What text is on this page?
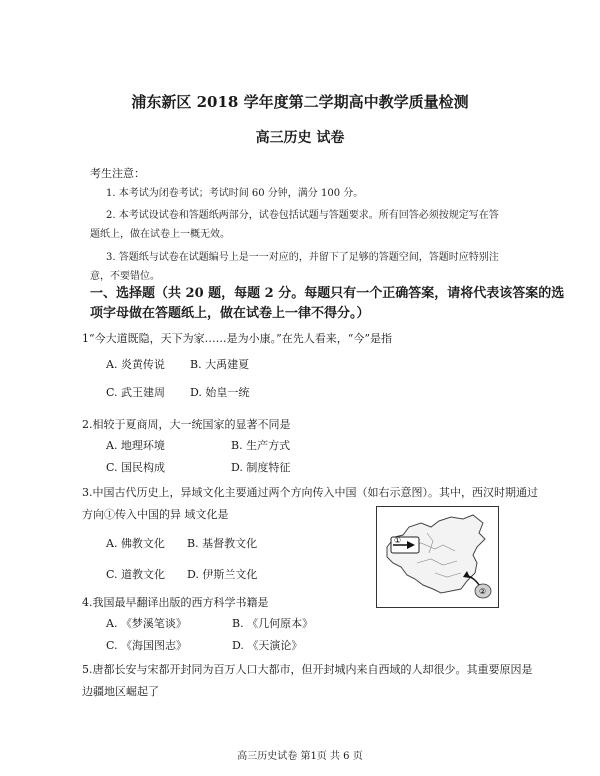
浦东新区 2018 学年度第二学期高中教学质量检测
高三历史 试卷
考生注意：
1. 本考试为闭卷考试；考试时间 60 分钟，满分 100 分。
2. 本考试设试卷和答题纸两部分，试卷包括试题与答题要求。所有回答必须按规定写在答
题纸上，做在试卷上一概无效。
3. 答题纸与试卷在试题编号上是一一对应的，并留下了足够的答题空间，答题时应特别注
意，不要错位。
一、选择题（共 20 题，每题 2 分。每题只有一个正确答案，请将代表该答案的选
项字母做在答题纸上，做在试卷上一律不得分。）
1“今大道既隐，天下为家……是为小康。”在先人看来，“今”是指
A. 炎黄传说 B. 大禹建夏
C. 武王建周 D. 始皇一统
2.相较于夏商周，大一统国家的显著不同是
A. 地理环境	B. 生产方式
C. 国民构成	D. 制度特征
3.中国古代历史上，异域文化主要通过两个方向传入中国（如右示意图）。其中，西汉时期通过
方向①传入中国的异 域文化是
A. 佛教文化 B. 基督教文化
C. 道教文化 D. 伊斯兰文化
①
②
4.我国最早翻译出版的西方科学书籍是
A. 《梦溪笔谈》	B. 《几何原本》
C. 《海国图志》	D. 《天演论》
5.唐都长安与宋都开封同为百万人口大都市，但开封城内来自西域的人却很少。其重要原因是
边疆地区崛起了
高三历史试卷 第1页 共 6 页
